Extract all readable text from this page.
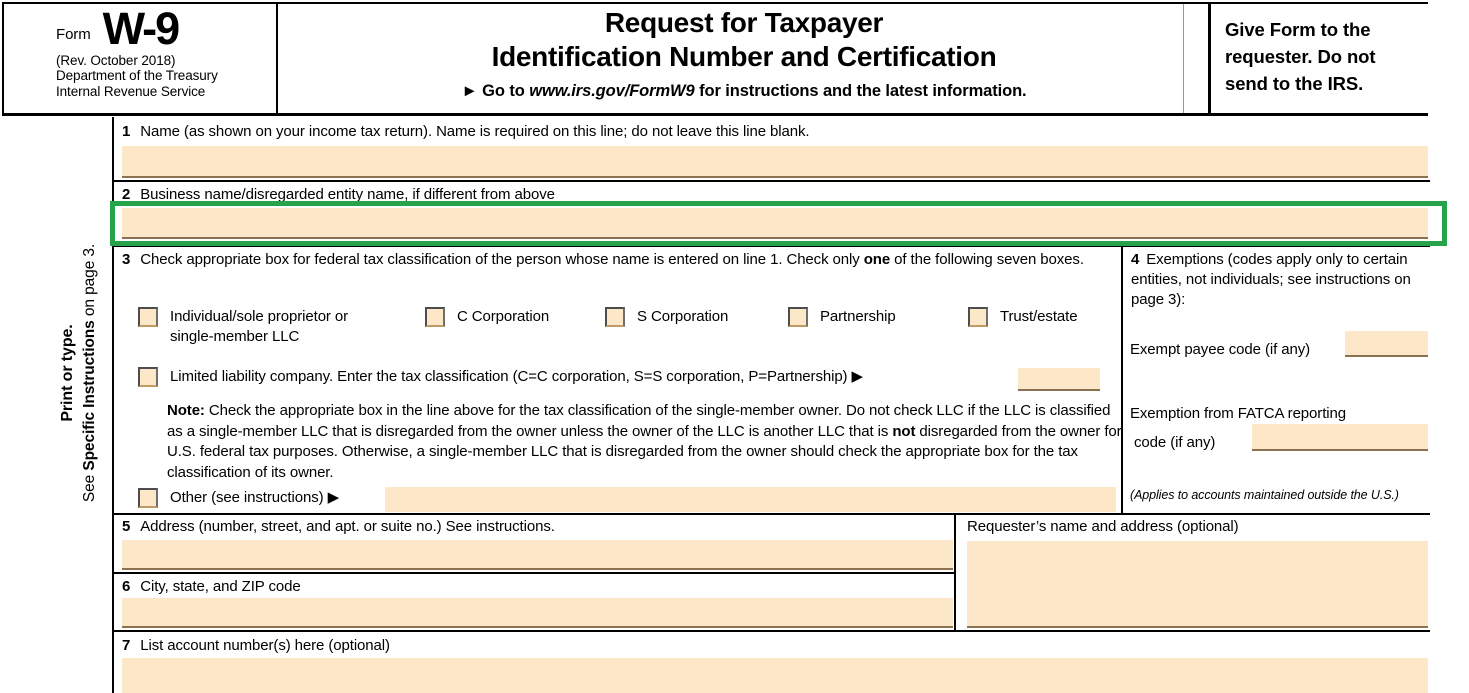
Form W-9
(Rev. October 2018)
Department of the Treasury
Internal Revenue Service
Request for Taxpayer
Identification Number and Certification
► Go to www.irs.gov/FormW9 for instructions and the latest information.
Give Form to the requester. Do not send to the IRS.
Print or type.
See Specific Instructions on page 3.
1 Name (as shown on your income tax return). Name is required on this line; do not leave this line blank.
2 Business name/disregarded entity name, if different from above
3 Check appropriate box for federal tax classification of the person whose name is entered on line 1. Check only one of the following seven boxes.
Individual/sole proprietor or single-member LLC
C Corporation	S Corporation	Partnership	Trust/estate
Limited liability company. Enter the tax classification (C=C corporation, S=S corporation, P=Partnership) ▶
Note: Check the appropriate box in the line above for the tax classification of the single-member owner. Do not check LLC if the LLC is classified as a single-member LLC that is disregarded from the owner unless the owner of the LLC is another LLC that is not disregarded from the owner for U.S. federal tax purposes. Otherwise, a single-member LLC that is disregarded from the owner should check the appropriate box for the tax classification of its owner.
Other (see instructions) ▶
4 Exemptions (codes apply only to certain entities, not individuals; see instructions on page 3):
Exempt payee code (if any)
Exemption from FATCA reporting
code (if any)
(Applies to accounts maintained outside the U.S.)
5 Address (number, street, and apt. or suite no.) See instructions.
6 City, state, and ZIP code
Requester’s name and address (optional)
7 List account number(s) here (optional)
